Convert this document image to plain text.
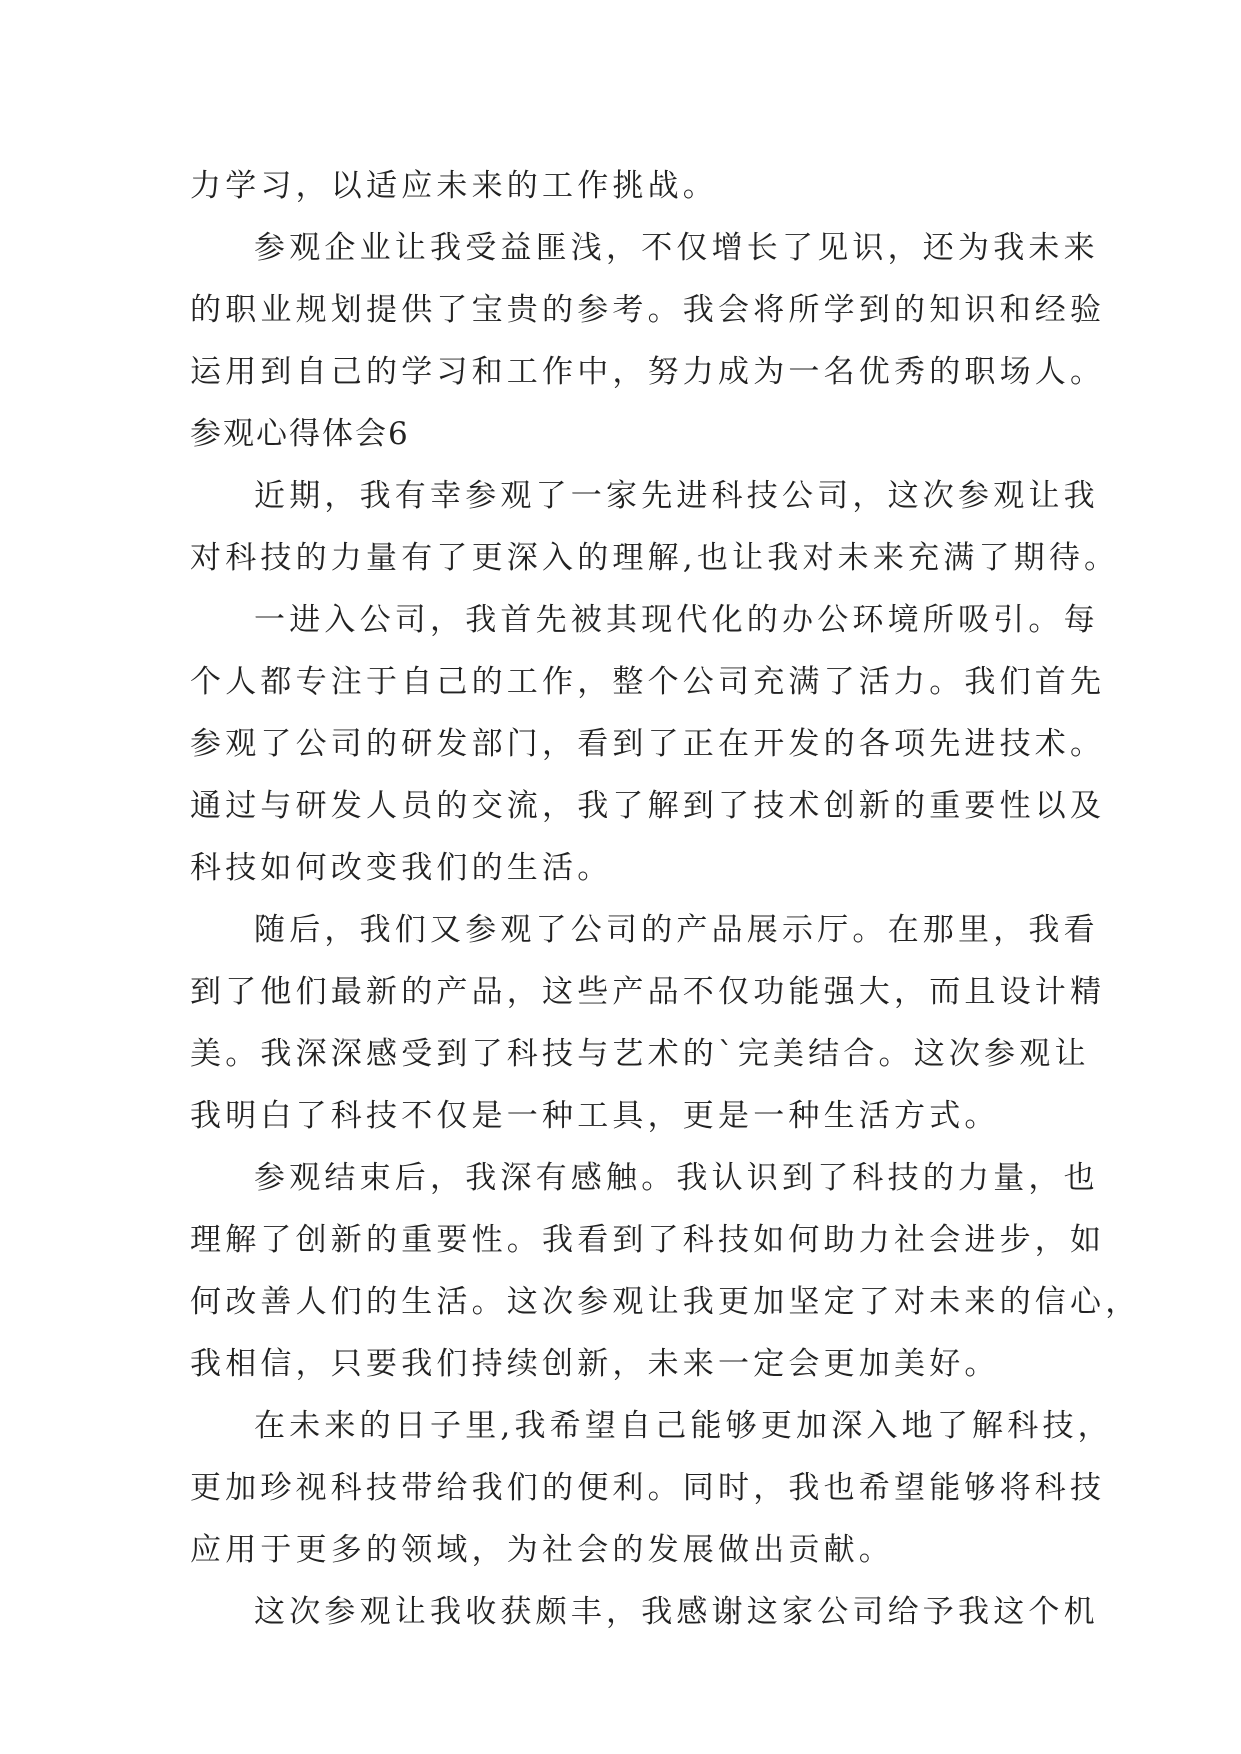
力学习，以适应未来的工作挑战。
参观企业让我受益匪浅，不仅增长了见识，还为我未来
的职业规划提供了宝贵的参考。我会将所学到的知识和经验
运用到自己的学习和工作中，努力成为一名优秀的职场人。
参观心得体会6
近期，我有幸参观了一家先进科技公司，这次参观让我
对科技的力量有了更深入的理解,也让我对未来充满了期待。
一进入公司，我首先被其现代化的办公环境所吸引。每
个人都专注于自己的工作，整个公司充满了活力。我们首先
参观了公司的研发部门，看到了正在开发的各项先进技术。
通过与研发人员的交流，我了解到了技术创新的重要性以及
科技如何改变我们的生活。
随后，我们又参观了公司的产品展示厅。在那里，我看
到了他们最新的产品，这些产品不仅功能强大，而且设计精
美。我深深感受到了科技与艺术的`完美结合。这次参观让
我明白了科技不仅是一种工具，更是一种生活方式。
参观结束后，我深有感触。我认识到了科技的力量，也
理解了创新的重要性。我看到了科技如何助力社会进步，如
何改善人们的生活。这次参观让我更加坚定了对未来的信心，
我相信，只要我们持续创新，未来一定会更加美好。
在未来的日子里,我希望自己能够更加深入地了解科技，
更加珍视科技带给我们的便利。同时，我也希望能够将科技
应用于更多的领域，为社会的发展做出贡献。
这次参观让我收获颇丰，我感谢这家公司给予我这个机
